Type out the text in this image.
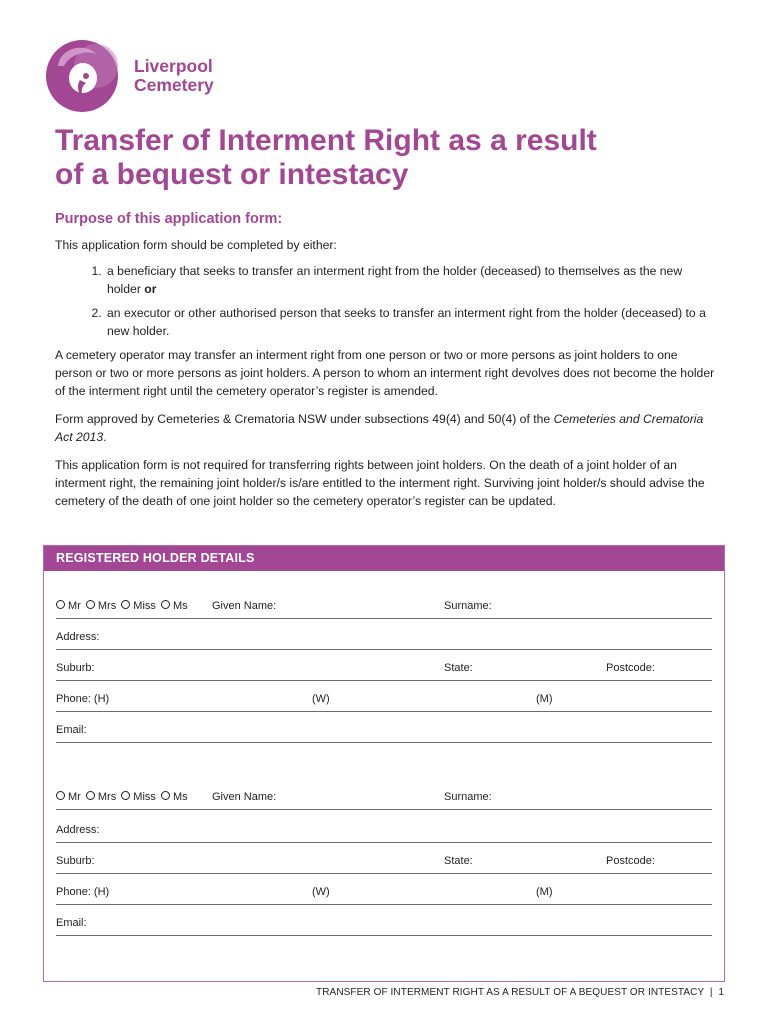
Liverpool
Cemetery
Transfer of Interment Right as a result
of a bequest or intestacy
Purpose of this application form:

This application form should be completed by either:

1. a beneficiary that seeks to transfer an interment right from the holder (deceased) to themselves as the new holder or
2. an executor or other authorised person that seeks to transfer an interment right from the holder (deceased) to a new holder.

A cemetery operator may transfer an interment right from one person or two or more persons as joint holders to one person or two or more persons as joint holders. A person to whom an interment right devolves does not become the holder of the interment right until the cemetery operator’s register is amended.

Form approved by Cemeteries & Crematoria NSW under subsections 49(4) and 50(4) of the Cemeteries and Crematoria Act 2013.

This application form is not required for transferring rights between joint holders. On the death of a joint holder of an interment right, the remaining joint holder/s is/are entitled to the interment right. Surviving joint holder/s should advise the cemetery of the death of one joint holder so the cemetery operator’s register can be updated.

REGISTERED HOLDER DETAILS
Mr Mrs Miss Ms Given Name:	Surname:
Address:
Suburb:	State:	Postcode:
Phone: (H)	(W)	(M)
Email:
Mr Mrs Miss Ms Given Name:	Surname:
Address:
Suburb:	State:	Postcode:
Phone: (H)	(W)	(M)
Email:
TRANSFER OF INTERMENT RIGHT AS A RESULT OF A BEQUEST OR INTESTACY  |  1
